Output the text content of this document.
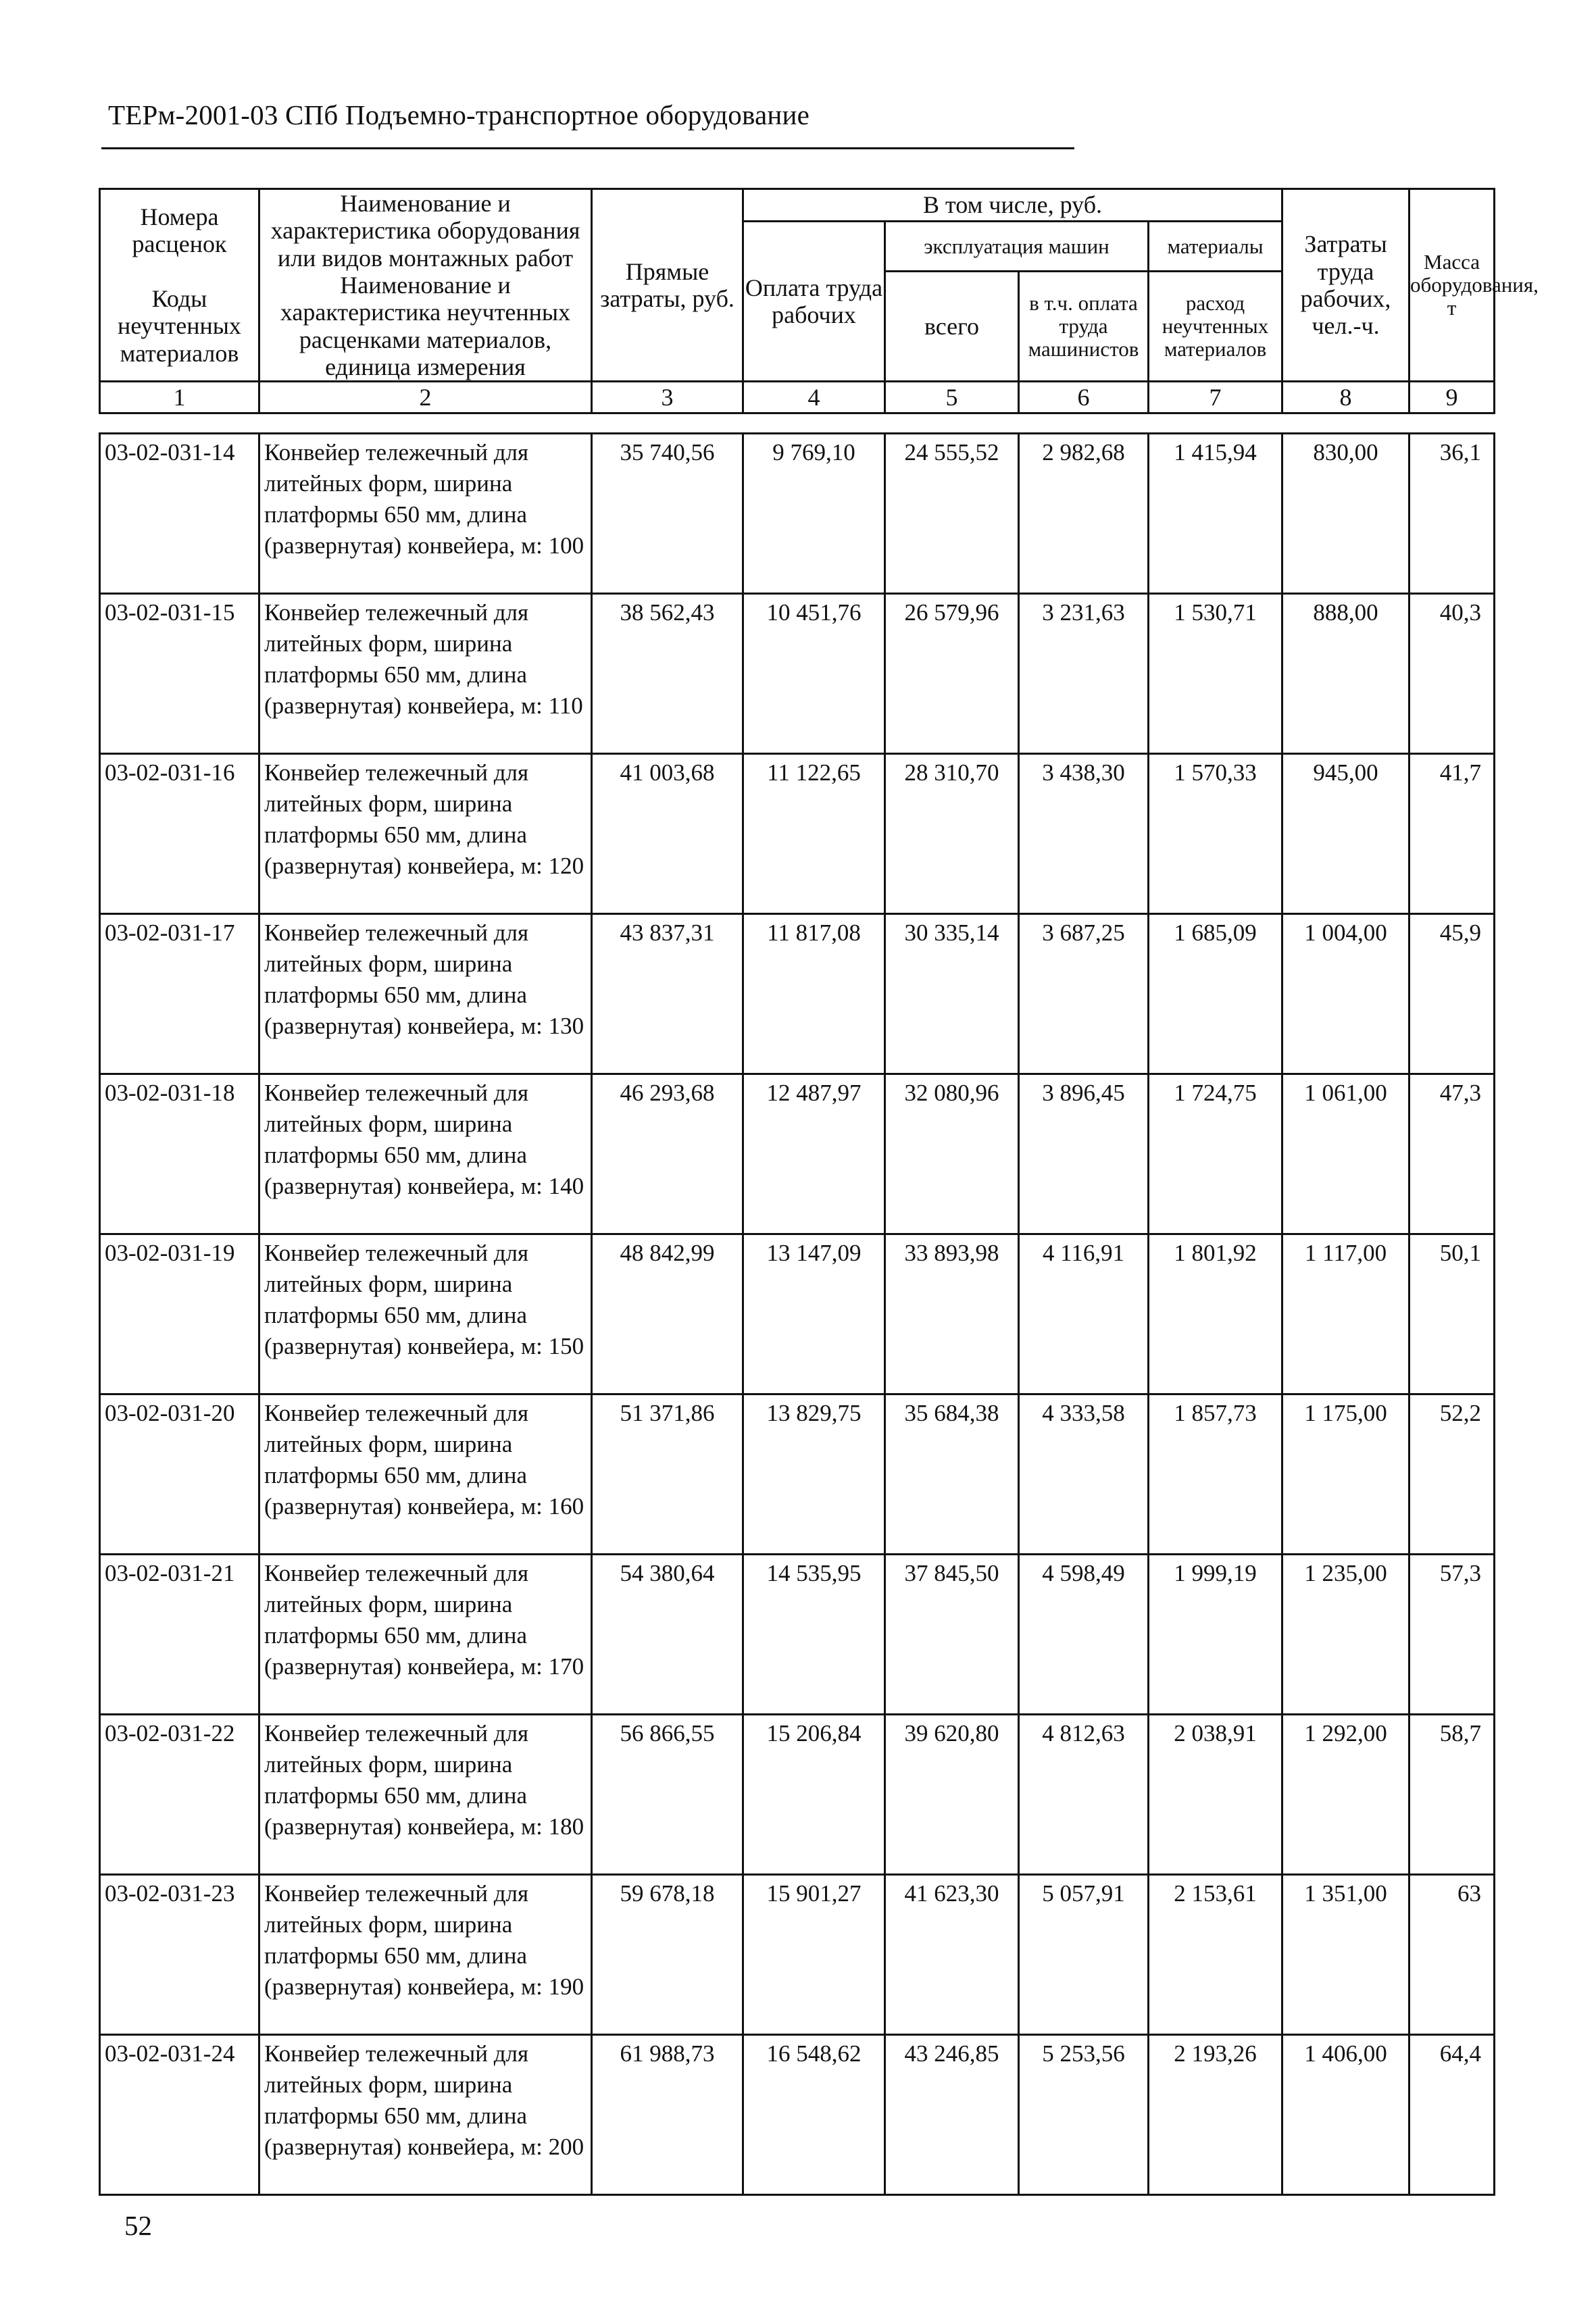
ТЕРм-2001-03 СПб Подъемно-транспортное оборудование
Номера расценок	Наименование и характеристика оборудования или видов монтажных работ	Прямые затраты, руб.	В том числе, руб.				Затраты труда рабочих, чел.-ч.	Масса оборудования, т
			Оплата труда рабочих	эксплуатация машин		материалы		
Коды неучтенных материалов	Наименование и характеристика неучтенных расценками материалов, единица измерения			всего	в т.ч. оплата труда машинистов	расход неучтенных материалов		

1	2	3	4	5	6	7	8	9
03-02-031-14	Конвейер тележечный для литейных форм, ширина платформы 650 мм, длина (развернутая) конвейера, м: 100	35 740,56	9 769,10	24 555,52	2 982,68	1 415,94	830,00	36,1
03-02-031-15	Конвейер тележечный для литейных форм, ширина платформы 650 мм, длина (развернутая) конвейера, м: 110	38 562,43	10 451,76	26 579,96	3 231,63	1 530,71	888,00	40,3
03-02-031-16	Конвейер тележечный для литейных форм, ширина платформы 650 мм, длина (развернутая) конвейера, м: 120	41 003,68	11 122,65	28 310,70	3 438,30	1 570,33	945,00	41,7
03-02-031-17	Конвейер тележечный для литейных форм, ширина платформы 650 мм, длина (развернутая) конвейера, м: 130	43 837,31	11 817,08	30 335,14	3 687,25	1 685,09	1 004,00	45,9
03-02-031-18	Конвейер тележечный для литейных форм, ширина платформы 650 мм, длина (развернутая) конвейера, м: 140	46 293,68	12 487,97	32 080,96	3 896,45	1 724,75	1 061,00	47,3
03-02-031-19	Конвейер тележечный для литейных форм, ширина платформы 650 мм, длина (развернутая) конвейера, м: 150	48 842,99	13 147,09	33 893,98	4 116,91	1 801,92	1 117,00	50,1
03-02-031-20	Конвейер тележечный для литейных форм, ширина платформы 650 мм, длина (развернутая) конвейера, м: 160	51 371,86	13 829,75	35 684,38	4 333,58	1 857,73	1 175,00	52,2
03-02-031-21	Конвейер тележечный для литейных форм, ширина платформы 650 мм, длина (развернутая) конвейера, м: 170	54 380,64	14 535,95	37 845,50	4 598,49	1 999,19	1 235,00	57,3
03-02-031-22	Конвейер тележечный для литейных форм, ширина платформы 650 мм, длина (развернутая) конвейера, м: 180	56 866,55	15 206,84	39 620,80	4 812,63	2 038,91	1 292,00	58,7
03-02-031-23	Конвейер тележечный для литейных форм, ширина платформы 650 мм, длина (развернутая) конвейера, м: 190	59 678,18	15 901,27	41 623,30	5 057,91	2 153,61	1 351,00	63
03-02-031-24	Конвейер тележечный для литейных форм, ширина платформы 650 мм, длина (развернутая) конвейера, м: 200	61 988,73	16 548,62	43 246,85	5 253,56	2 193,26	1 406,00	64,4
52
